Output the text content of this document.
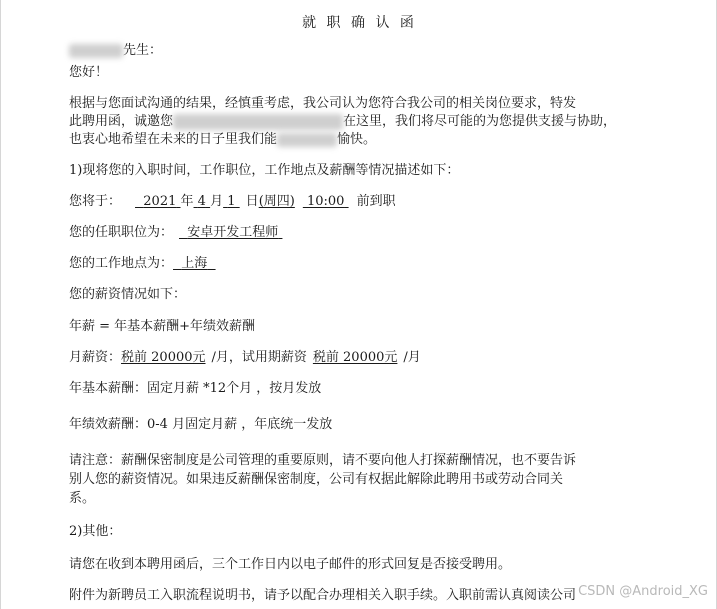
就 职 确 认 函
先生：
您好！
根据与您面试沟通的结果，经慎重考虑，我公司认为您符合我公司的相关岗位要求，特发
此聘用函，诚邀您	在这里，我们将尽可能的为您提供支援与协助，
也衷心地希望在未来的日子里我们能	愉快。
1)现将您的入职时间，工作职位，工作地点及薪酬等情况描述如下：
您将于： 2021 年 4 月 1 日(周四) 10:00 前到职
您的任职职位为： 安卓开发工程师
您的工作地点为： 上海
您的薪资情况如下：
年薪 = 年基本薪酬+年绩效薪酬
月薪资：税前 20000元 /月，试用期薪资 税前 20000元 /月
年基本薪酬：固定月薪 *12个月 ，按月发放
年绩效薪酬：0-4 月固定月薪 ，年底统一发放
请注意：薪酬保密制度是公司管理的重要原则，请不要向他人打探薪酬情况，也不要告诉
别人您的薪资情况。如果违反薪酬保密制度，公司有权据此解除此聘用书或劳动合同关
系。
2)其他：
请您在收到本聘用函后，三个工作日内以电子邮件的形式回复是否接受聘用。
附件为新聘员工入职流程说明书，请予以配合办理相关入职手续。入职前需认真阅读公司 CSDN @Android_XG
